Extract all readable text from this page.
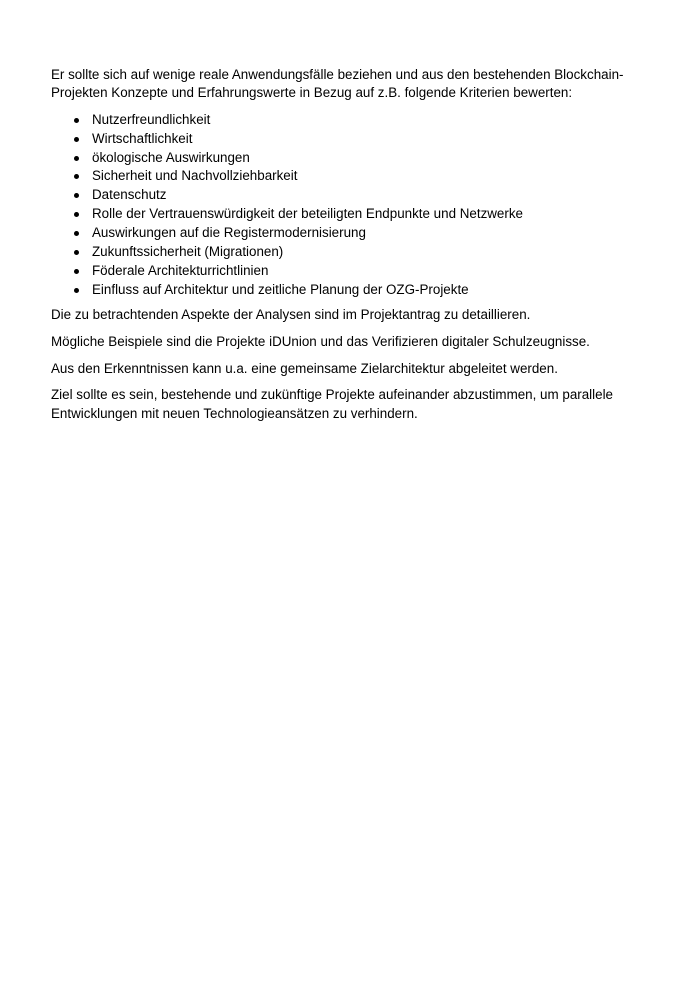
Er sollte sich auf wenige reale Anwendungsfälle beziehen und aus den bestehenden Blockchain-Projekten Konzepte und Erfahrungswerte in Bezug auf z.B. folgende Kriterien bewerten:

Nutzerfreundlichkeit
Wirtschaftlichkeit
ökologische Auswirkungen
Sicherheit und Nachvollziehbarkeit
Datenschutz
Rolle der Vertrauenswürdigkeit der beteiligten Endpunkte und Netzwerke
Auswirkungen auf die Registermodernisierung
Zukunftssicherheit (Migrationen)
Föderale Architekturrichtlinien
Einfluss auf Architektur und zeitliche Planung der OZG-Projekte

Die zu betrachtenden Aspekte der Analysen sind im Projektantrag zu detaillieren.

Mögliche Beispiele sind die Projekte iDUnion und das Verifizieren digitaler Schulzeugnisse.

Aus den Erkenntnissen kann u.a. eine gemeinsame Zielarchitektur abgeleitet werden.

Ziel sollte es sein, bestehende und zukünftige Projekte aufeinander abzustimmen, um parallele Entwicklungen mit neuen Technologieansätzen zu verhindern.
